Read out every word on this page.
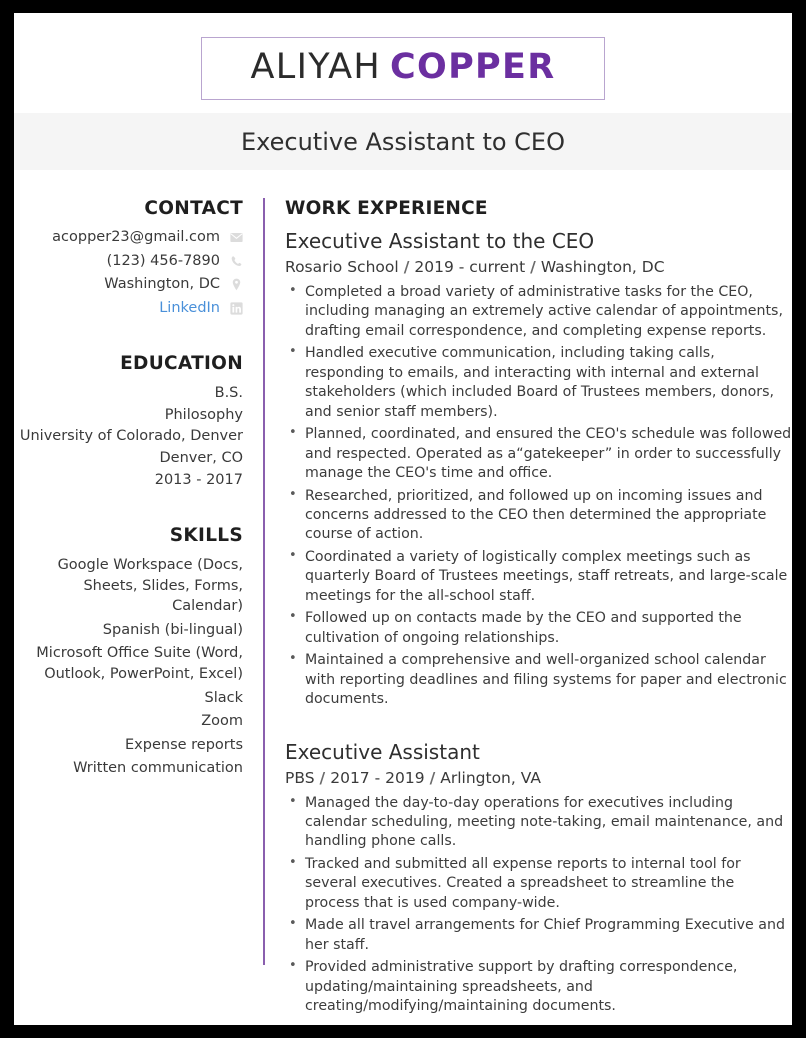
ALIYAH COPPER
Executive Assistant to CEO
CONTACT
acopper23@gmail.com
(123) 456-7890
Washington, DC
LinkedIn
EDUCATION
B.S.
Philosophy
University of Colorado, Denver
Denver, CO
2013 - 2017
SKILLS
Google Workspace (Docs, Sheets, Slides, Forms, Calendar)
Spanish (bi-lingual)
Microsoft Office Suite (Word, Outlook, PowerPoint, Excel)
Slack
Zoom
Expense reports
Written communication
WORK EXPERIENCE
Executive Assistant to the CEO
Rosario School / 2019 - current / Washington, DC
• Completed a broad variety of administrative tasks for the CEO, including managing an extremely active calendar of appointments, drafting email correspondence, and completing expense reports.
• Handled executive communication, including taking calls, responding to emails, and interacting with internal and external stakeholders (which included Board of Trustees members, donors, and senior staff members).
• Planned, coordinated, and ensured the CEO's schedule was followed and respected. Operated as a“gatekeeper” in order to successfully manage the CEO's time and office.
• Researched, prioritized, and followed up on incoming issues and concerns addressed to the CEO then determined the appropriate course of action.
• Coordinated a variety of logistically complex meetings such as quarterly Board of Trustees meetings, staff retreats, and large-scale meetings for the all-school staff.
• Followed up on contacts made by the CEO and supported the cultivation of ongoing relationships.
• Maintained a comprehensive and well-organized school calendar with reporting deadlines and filing systems for paper and electronic documents.
Executive Assistant
PBS / 2017 - 2019 / Arlington, VA
• Managed the day-to-day operations for executives including calendar scheduling, meeting note-taking, email maintenance, and handling phone calls.
• Tracked and submitted all expense reports to internal tool for several executives. Created a spreadsheet to streamline the process that is used company-wide.
• Made all travel arrangements for Chief Programming Executive and her staff.
• Provided administrative support by drafting correspondence, updating/maintaining spreadsheets, and creating/modifying/maintaining documents.
